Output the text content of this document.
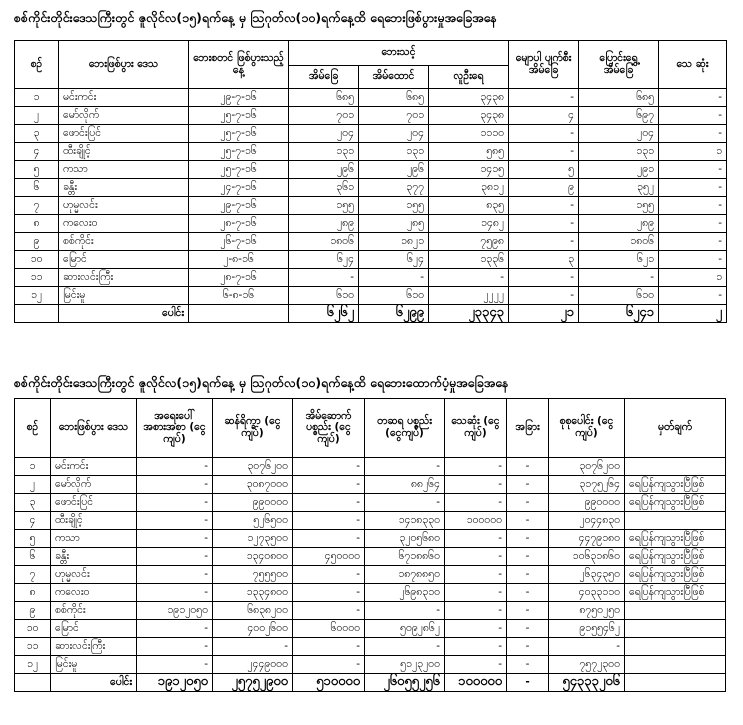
စစ်ကိုင်းတိုင်းဒေသကြီးတွင် ဇူလိုင်လ(၁၅)ရက်နေ့ မှ ဩဂုတ်လ(၁၀)ရက်နေ့ထိ ရေဘေးဖြစ်ပွားမှုအခြေအနေ
စဉ်	ဘေးဖြစ်ပွား ဒေသ	ဘေးစတင် ဖြစ်ပွားသည့်နေ့	ဘေးသင့်			မျောပါ ပျက်စီး အိမ်ခြေ	ပြောင်းရွှေ့ အိမ်ခြေ	သေ ဆုံး
			အိမ်ခြေ	အိမ်ထောင်	လူဦးရေ			
၁	မင်းကင်း	၂၉-၇-၁၆	၆၈၅	၆၈၅	၃၄၃၈	-	၆၈၅	-
၂	မော်လိုက်	၂၅-၇-၁၆	၇၀၁	၇၀၁	၃၄၃၈	၄	၆၉၇	-
၃	ဖောင်းပြင်	၂၅-၇-၁၆	၂၀၄	၂၀၄	၁၁၁၀	-	၂၀၄	-
၄	ထီးချိုင့်	၂၅-၇-၁၆	၁၃၁	၁၃၁	၅၈၅	-	၁၃၁	၁
၅	ကသာ	၂၅-၇-၁၆	၂၉၆	၂၉၆	၁၄၁၅	၅	၂၉၁	-
၆	ခန္တီး	၂၄-၇-၁၆	၃၆၁	၃၇၇	၃၈၁၂	၉	၃၅၂	-
၇	ဟုမ္မလင်း	၂၉-၇-၁၆	၁၅၅	၁၅၅	၈၃၅	-	၁၅၅	-
၈	ကလေးဝ	၂၈-၇-၁၆	၂၈၉	၂၈၅	၁၄၈၂	-	၂၈၉	-
၉	စစ်ကိုင်း	၂၆-၇-၁၆	၁၈၀၆	၁၈၂၁	၇၅၉၈	-	၁၈၀၆	-
၁၀	မြောင်	၂-၈-၁၆	၆၂၄	၆၂၄	၁၃၃၆	၃	၆၂၁	-
၁၁	ဆားလင်းကြီး	၂၈-၇-၁၆	-	-	-	-	-	၁
၁၂	မြင်းမူ	၆-၈-၁၆	၆၁၀	၆၁၀	၂၂၂၂	-	၆၁၀	-
	ပေါင်း		၆၂၆၂	၆၂၉၉	၂၃၃၄၃	၂၁	၆၂၄၁	၂
စစ်ကိုင်းတိုင်းဒေသကြီးတွင် ဇူလိုင်လ(၁၅)ရက်နေ့ မှ ဩဂုတ်လ(၁၀)ရက်နေ့ထိ ရေဘေးထောက်ပံ့မှုအခြေအနေ
စဉ်	ဘေးဖြစ်ပွား ဒေသ	အရေးပေါ် အစားအစာ (ငွေကျပ်)	ဆန်ရိက္ခာ (ငွေကျပ်)	အိမ်ဆောက် ပစ္စည်း (ငွေကျပ်)	တဆရ ပစ္စည်း (ငွေကျပ်)	သေဆုံး (ငွေကျပ်)	အခြား	စုစုပေါင်း (ငွေကျပ်)	မှတ်ချက်
၁	မင်းကင်း	-	၃၀၇၆၂၀၀	-	-	-	-	၃၀၇၆၂၀၀	
၂	မော်လိုက်	-	၃၀၈၇၀၀၀	-	၈၈၂၆၄	-	-	၃၁၇၅၂၆၄	ရေပြန်ကျသွားပြီဖြစ်
၃	ဖောင်းပြင်	-	၉၉၀၀၀၀	-	-	-	-	၉၉၀၀၀၀	ရေပြန်ကျသွားပြီဖြစ်
၄	ထီးချိုင့်	-	၅၂၆၅၀၀	-	၁၄၁၈၃၃၀	၁၀၀၀၀၀	-	၂၀၄၄၈၃၀	
၅	ကသာ	-	၁၂၇၃၅၀၀	-	၃၂၀၅၆၈၀	-	-	၄၄၇၉၁၈၀	ရေပြန်ကျသွားပြီဖြစ်
၆	ခန္တီး	-	၁၃၄၀၈၀၀	၄၅၀၀၀၀	၆၇၁၈၈၆၀	-	-	၁၀၆၃၁၈၆၀	ရေပြန်ကျသွားပြီဖြစ်
၇	ဟုမ္မလင်း	-	၇၅၅၅၀၀	-	၁၈၇၈၈၅၀	-	-	၂၆၃၄၃၅၀	ရေပြန်ကျသွားပြီဖြစ်
၈	ကလေးဝ	-	၁၃၃၄၈၀၀	-	၂၆၉၈၃၁၀	-	-	၄၀၃၃၁၁၀	ရေပြန်ကျသွားပြီဖြစ်
၉	စစ်ကိုင်း	၁၉၁၂၀၅၀	၆၈၃၈၂၀၀	-	-	-	-	၈၇၅၀၂၅၀	
၁၀	မြောင်	-	၄၀၀၂၆၀၀	၆၀၀၀၀	၅၀၉၂၈၆၂	-	-	၉၁၅၅၄၆၂	
၁၁	ဆားလင်းကြီး	-	-	-	-	-	-	-	
၁၂	မြင်းမူ	-	၂၄၄၉၀၀၀	-	၅၁၂၃၂၀၀	-	-	၇၅၇၂၃၀၀	
	ပေါင်း	၁၉၁၂၀၅၀	၂၅၇၅၂၉၀၀	၅၁၀၀၀၀	၂၆၀၅၅၂၅၆	၁၀၀၀၀၀	-	၅၄၃၃၃၂၀၆	
